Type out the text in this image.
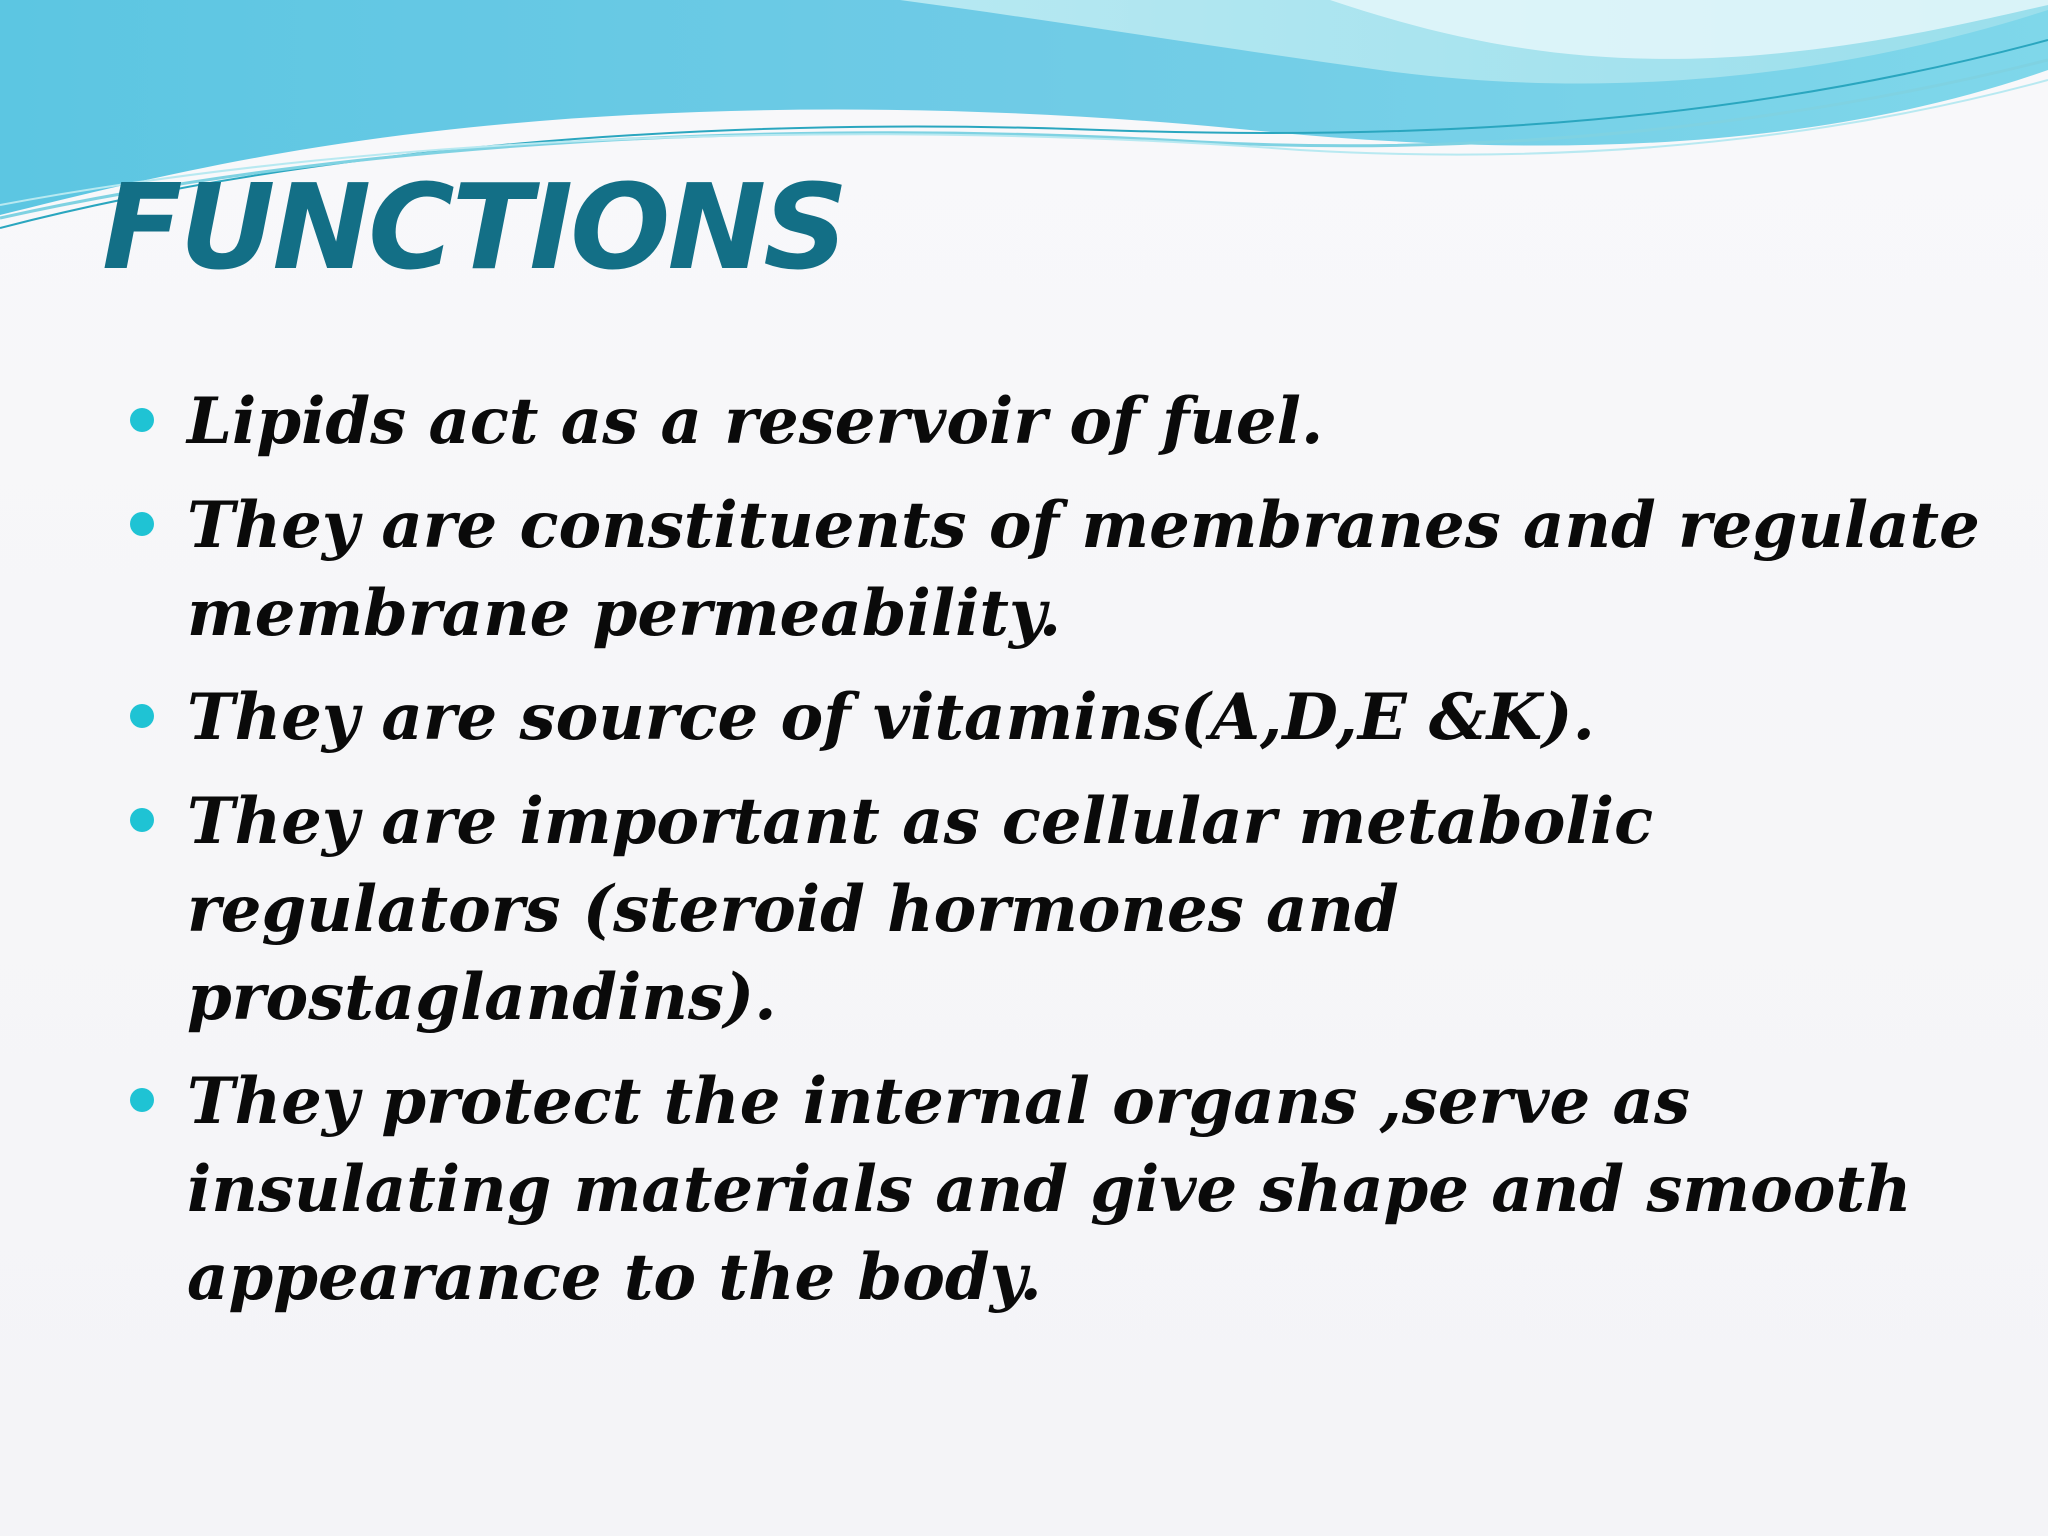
FUNCTIONS
Lipids act as a reservoir of fuel.
They are constituents of membranes and regulate membrane permeability.
They are source of vitamins(A,D,E &K).
They are important as cellular metabolic regulators (steroid hormones and prostaglandins).
They protect the internal organs ,serve as insulating materials and give shape and smooth appearance to the body.
